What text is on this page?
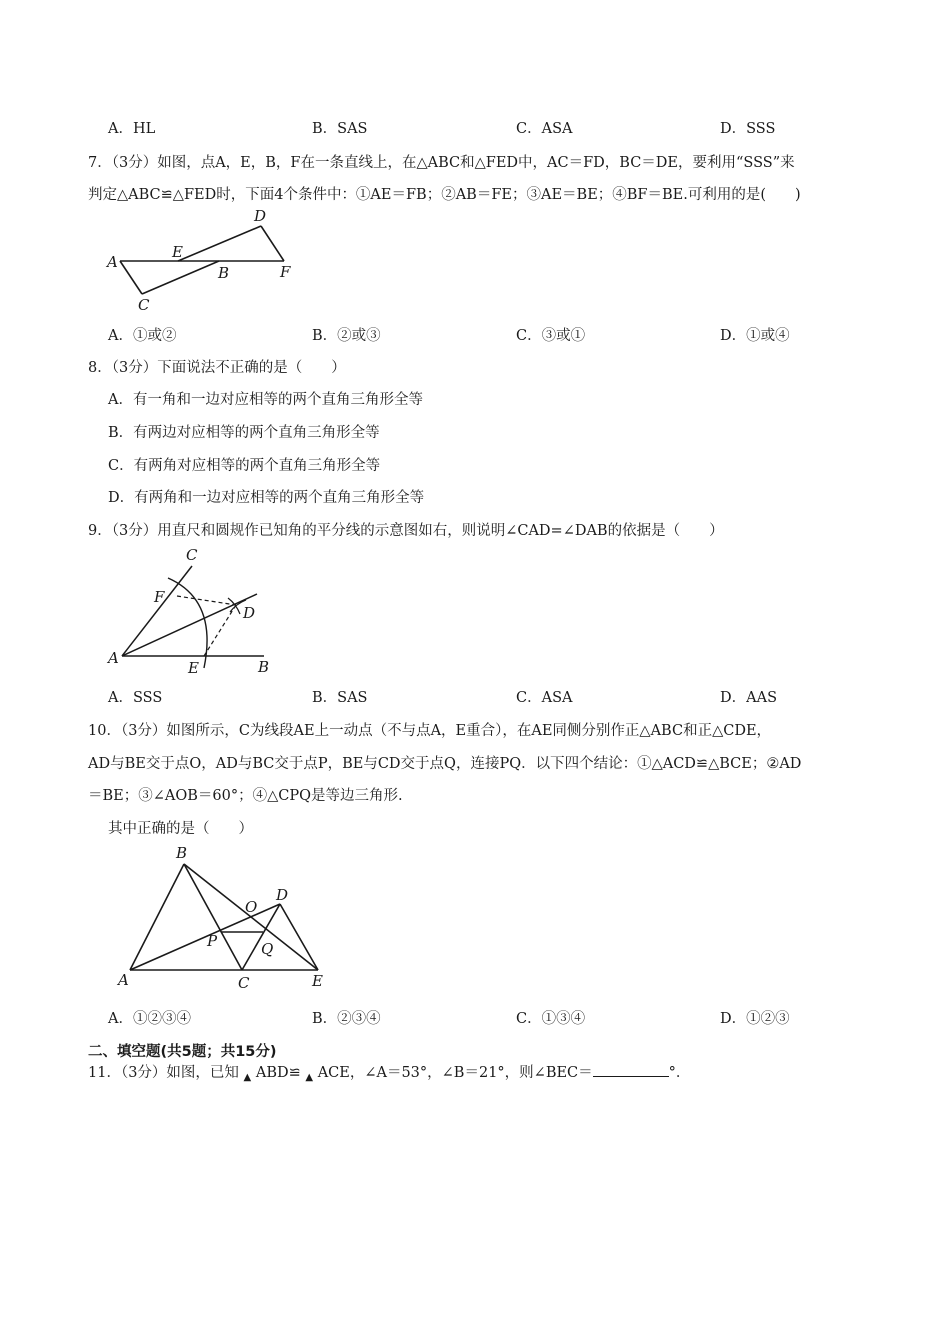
A．HL	B．SAS	C．ASA	D．SSS
7．（3分）如图，点A，E，B，F在一条直线上，在△ABC和△FED中，AC＝FD，BC＝DE，要利用“SSS”来
判定△ABC≌△FED时，下面4个条件中：①AE＝FB；②AB＝FE；③AE＝BE；④BF＝BE.可利用的是(　　)
A
E
B	F
D
C
A．①或②	B．②或③	C．③或①	D．①或④
8．（3分）下面说法不正确的是（　　）
A．有一角和一边对应相等的两个直角三角形全等
B．有两边对应相等的两个直角三角形全等
C．有两角对应相等的两个直角三角形全等
D．有两角和一边对应相等的两个直角三角形全等
9．（3分）用直尺和圆规作已知角的平分线的示意图如右，则说明∠CAD=∠DAB的依据是（　　）
C
F
D
A
E	B
A．SSS	B．SAS	C．ASA	D．AAS
10．（3分）如图所示，C为线段AE上一动点（不与点A，E重合），在AE同侧分别作正△ABC和正△CDE，
AD与BE交于点O，AD与BC交于点P，BE与CD交于点Q，连接PQ．以下四个结论：①△ACD≌△BCE；②AD
＝BE；③∠AOB＝60°；④△CPQ是等边三角形.
其中正确的是（　　）
B
O
D
P	Q
A	C	E
A．①②③④	B．②③④	C．①③④	D．①②③
二、填空题(共5题；共15分)
11．（3分）如图，已知 $_▲$ ABD≌ $_▲$ ACE，∠A＝53°，∠B＝21°，则∠BEC＝	°．
